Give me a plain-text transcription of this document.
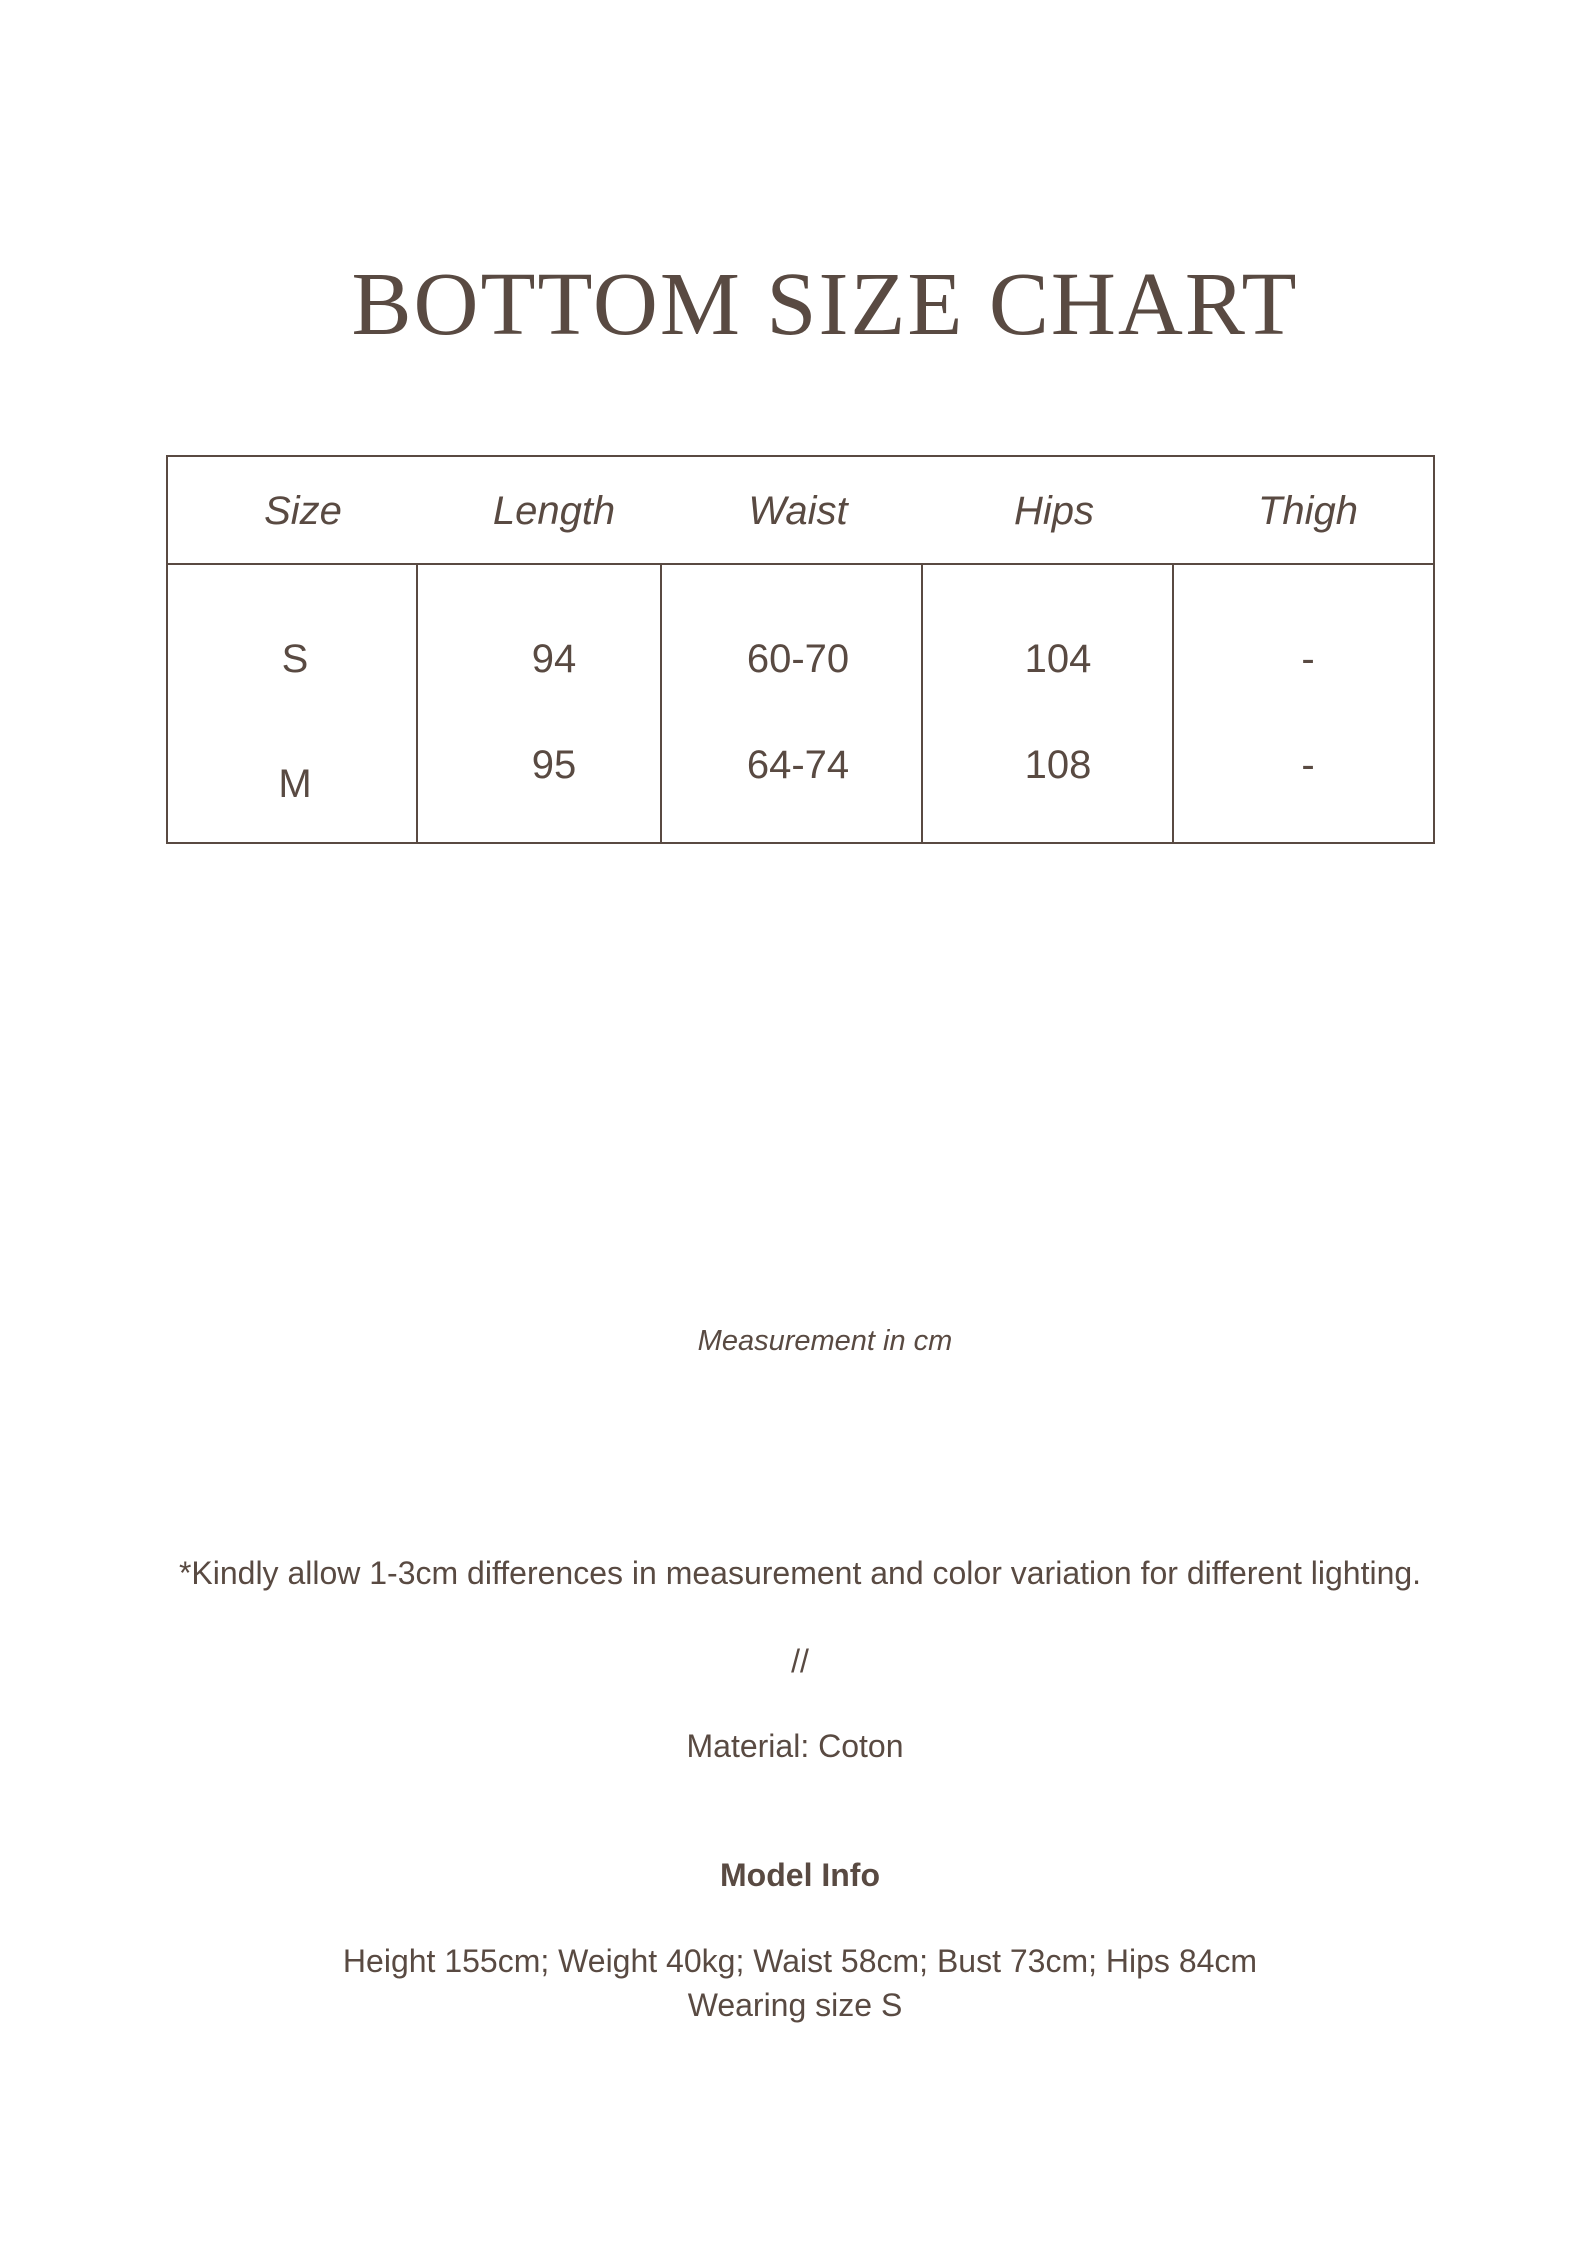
BOTTOM SIZE CHART
Size	Length	Waist	Hips	Thigh
S	94	60-70	104	-
M	95	64-74	108	-
Measurement in cm
*Kindly allow 1-3cm differences in measurement and color variation for different lighting.
//
Material: Coton
Model Info
Height 155cm; Weight 40kg; Waist 58cm; Bust 73cm; Hips 84cm
Wearing size S
